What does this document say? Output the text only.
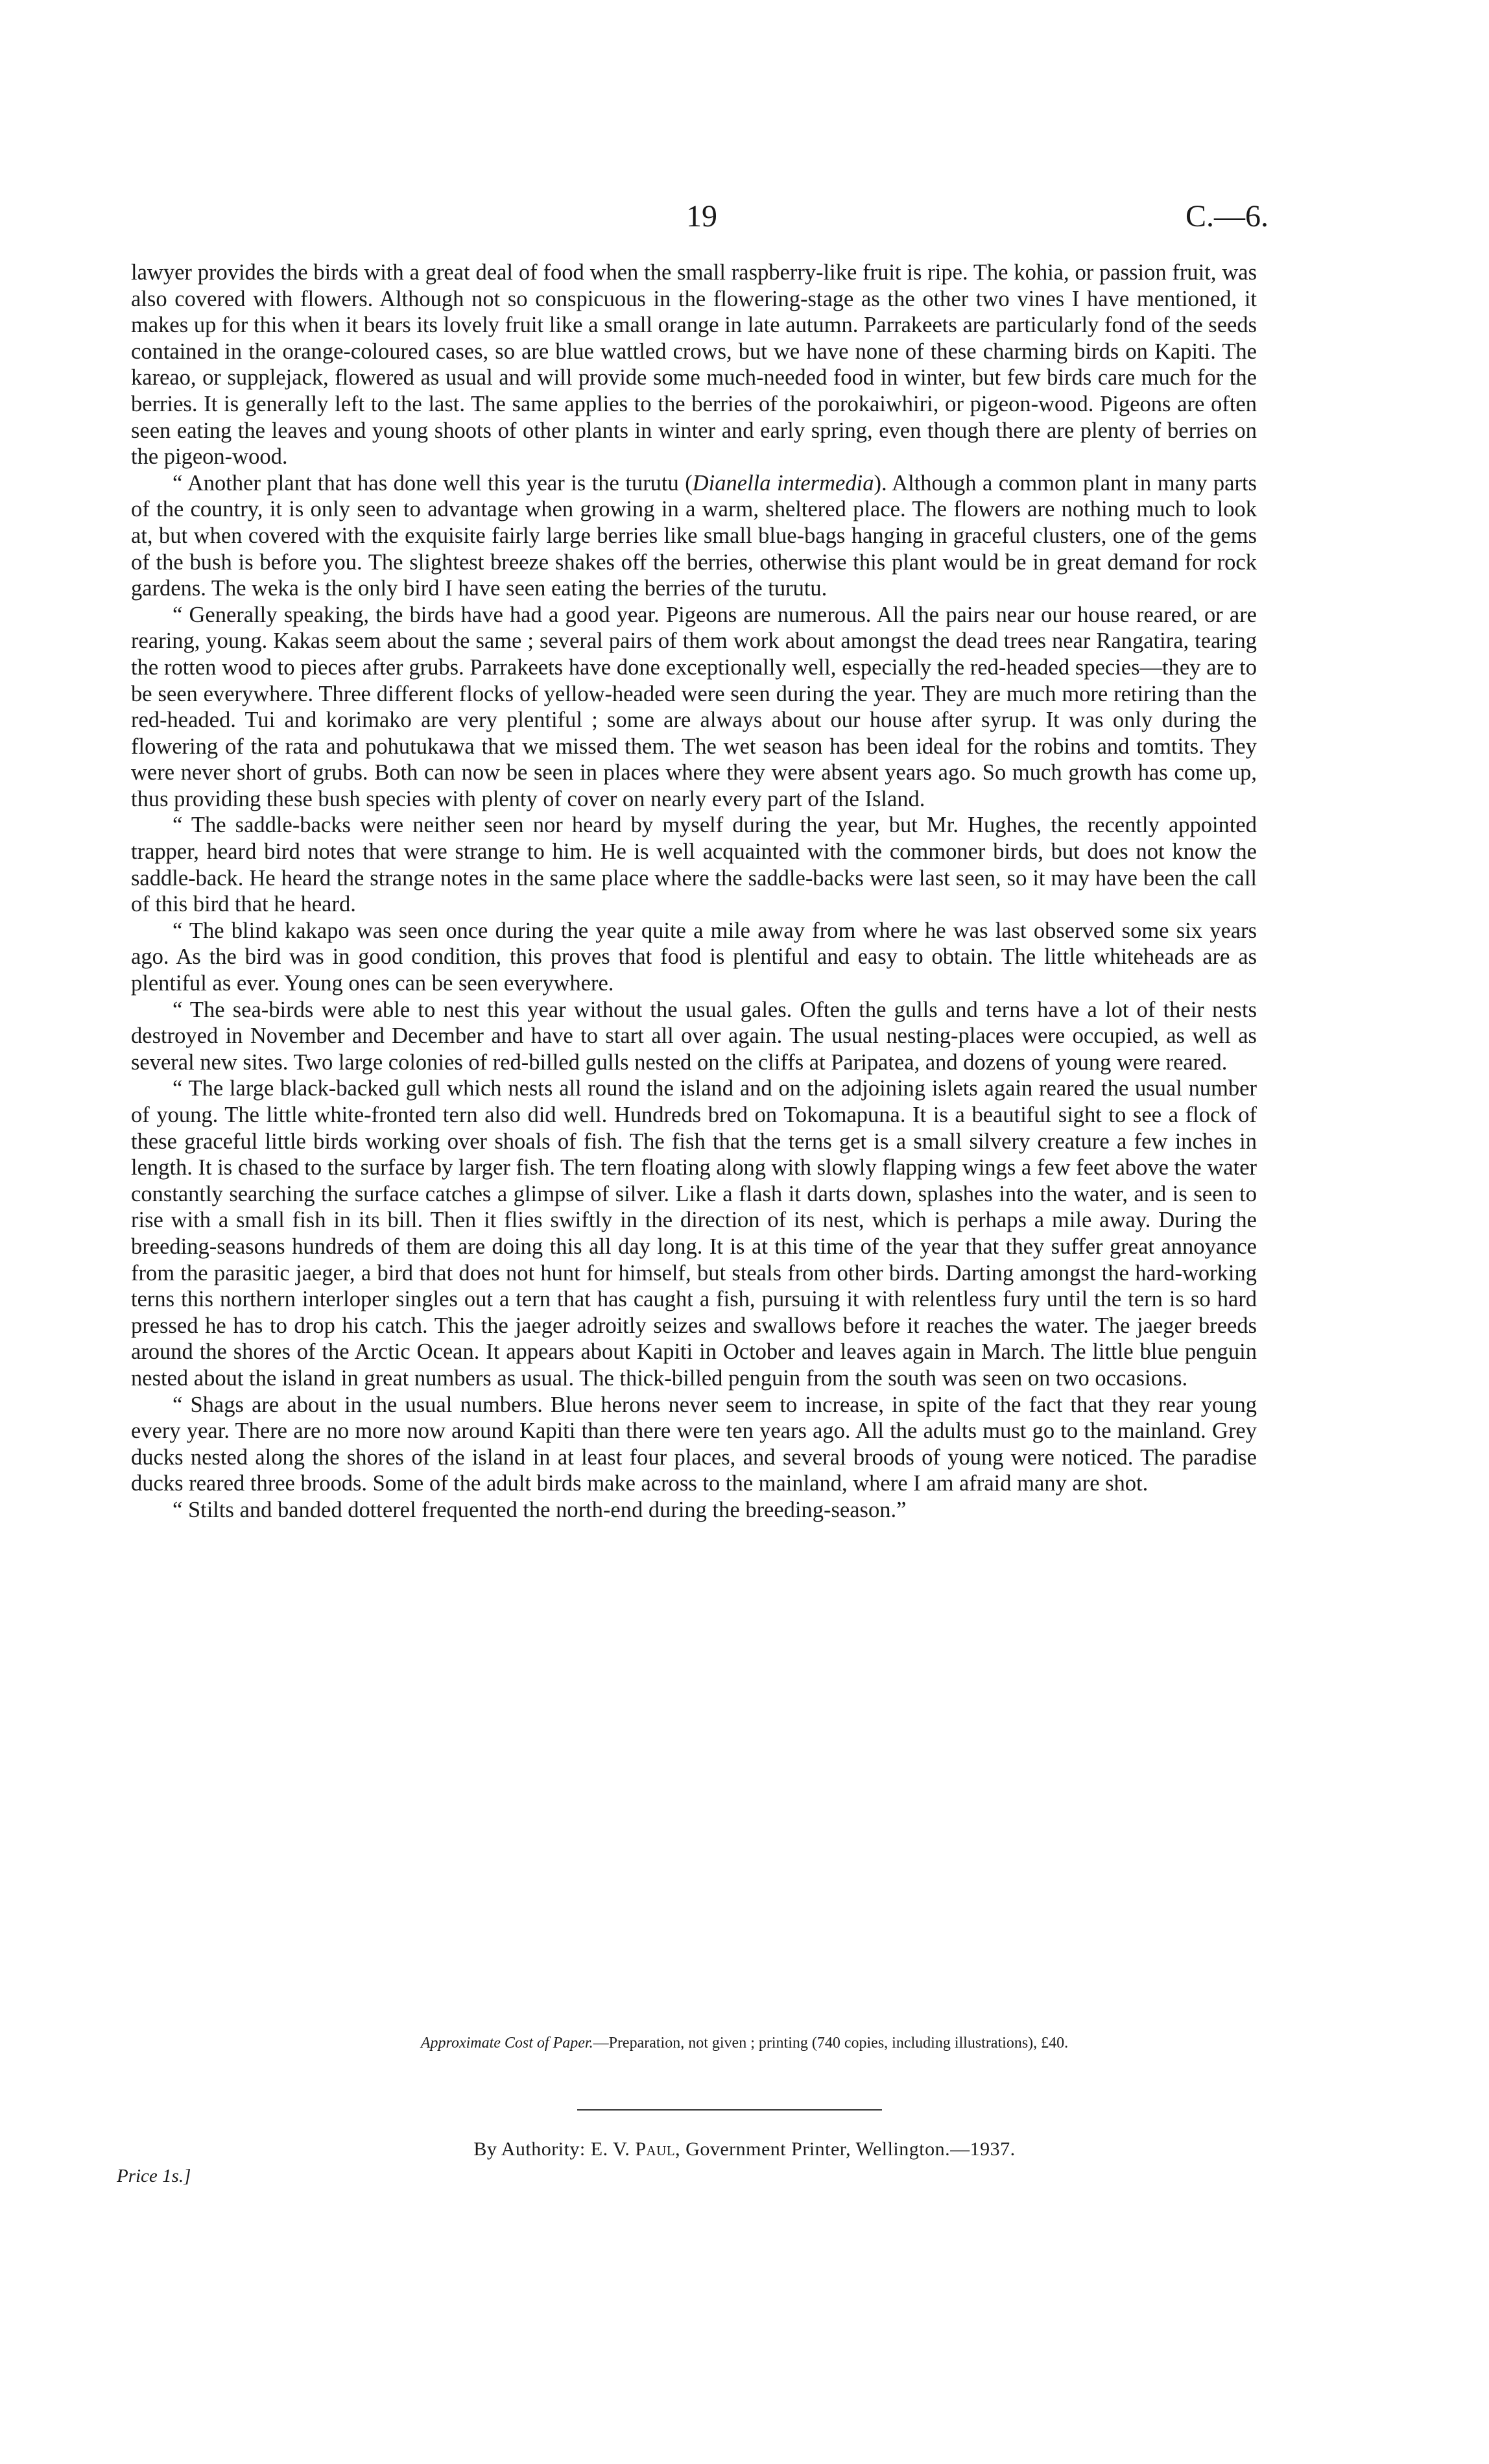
19	C.—6.

lawyer provides the birds with a great deal of food when the small raspberry-like fruit is ripe. The kohia, or passion fruit, was also covered with flowers. Although not so conspicuous in the flowering-stage as the other two vines I have mentioned, it makes up for this when it bears its lovely fruit like a small orange in late autumn. Parrakeets are particularly fond of the seeds contained in the orange-coloured cases, so are blue wattled crows, but we have none of these charming birds on Kapiti. The kareao, or supplejack, flowered as usual and will provide some much-needed food in winter, but few birds care much for the berries. It is generally left to the last. The same applies to the berries of the porokaiwhiri, or pigeon-wood. Pigeons are often seen eating the leaves and young shoots of other plants in winter and early spring, even though there are plenty of berries on the pigeon-wood.

“ Another plant that has done well this year is the turutu (Dianella intermedia). Although a common plant in many parts of the country, it is only seen to advantage when growing in a warm, sheltered place. The flowers are nothing much to look at, but when covered with the exquisite fairly large berries like small blue-bags hanging in graceful clusters, one of the gems of the bush is before you. The slightest breeze shakes off the berries, otherwise this plant would be in great demand for rock gardens. The weka is the only bird I have seen eating the berries of the turutu.

“ Generally speaking, the birds have had a good year. Pigeons are numerous. All the pairs near our house reared, or are rearing, young. Kakas seem about the same ; several pairs of them work about amongst the dead trees near Rangatira, tearing the rotten wood to pieces after grubs. Parrakeets have done exceptionally well, especially the red-headed species—they are to be seen everywhere. Three different flocks of yellow-headed were seen during the year. They are much more retiring than the red-headed. Tui and korimako are very plentiful ; some are always about our house after syrup. It was only during the flowering of the rata and pohutukawa that we missed them. The wet season has been ideal for the robins and tomtits. They were never short of grubs. Both can now be seen in places where they were absent years ago. So much growth has come up, thus providing these bush species with plenty of cover on nearly every part of the Island.

“ The saddle-backs were neither seen nor heard by myself during the year, but Mr. Hughes, the recently appointed trapper, heard bird notes that were strange to him. He is well acquainted with the commoner birds, but does not know the saddle-back. He heard the strange notes in the same place where the saddle-backs were last seen, so it may have been the call of this bird that he heard.

“ The blind kakapo was seen once during the year quite a mile away from where he was last observed some six years ago. As the bird was in good condition, this proves that food is plentiful and easy to obtain. The little whiteheads are as plentiful as ever. Young ones can be seen everywhere.

“ The sea-birds were able to nest this year without the usual gales. Often the gulls and terns have a lot of their nests destroyed in November and December and have to start all over again. The usual nesting-places were occupied, as well as several new sites. Two large colonies of red-billed gulls nested on the cliffs at Paripatea, and dozens of young were reared.

“ The large black-backed gull which nests all round the island and on the adjoining islets again reared the usual number of young. The little white-fronted tern also did well. Hundreds bred on Tokomapuna. It is a beautiful sight to see a flock of these graceful little birds working over shoals of fish. The fish that the terns get is a small silvery creature a few inches in length. It is chased to the surface by larger fish. The tern floating along with slowly flapping wings a few feet above the water constantly searching the surface catches a glimpse of silver. Like a flash it darts down, splashes into the water, and is seen to rise with a small fish in its bill. Then it flies swiftly in the direction of its nest, which is perhaps a mile away. During the breeding-seasons hundreds of them are doing this all day long. It is at this time of the year that they suffer great annoyance from the parasitic jaeger, a bird that does not hunt for himself, but steals from other birds. Darting amongst the hard-working terns this northern interloper singles out a tern that has caught a fish, pursuing it with relentless fury until the tern is so hard pressed he has to drop his catch. This the jaeger adroitly seizes and swallows before it reaches the water. The jaeger breeds around the shores of the Arctic Ocean. It appears about Kapiti in October and leaves again in March. The little blue penguin nested about the island in great numbers as usual. The thick-billed penguin from the south was seen on two occasions.

“ Shags are about in the usual numbers. Blue herons never seem to increase, in spite of the fact that they rear young every year. There are no more now around Kapiti than there were ten years ago. All the adults must go to the mainland. Grey ducks nested along the shores of the island in at least four places, and several broods of young were noticed. The paradise ducks reared three broods. Some of the adult birds make across to the mainland, where I am afraid many are shot.

“ Stilts and banded dotterel frequented the north-end during the breeding-season.”

Approximate Cost of Paper.—Preparation, not given ; printing (740 copies, including illustrations), £40.
By Authority: E. V. Paul, Government Printer, Wellington.—1937.
Price 1s.]
